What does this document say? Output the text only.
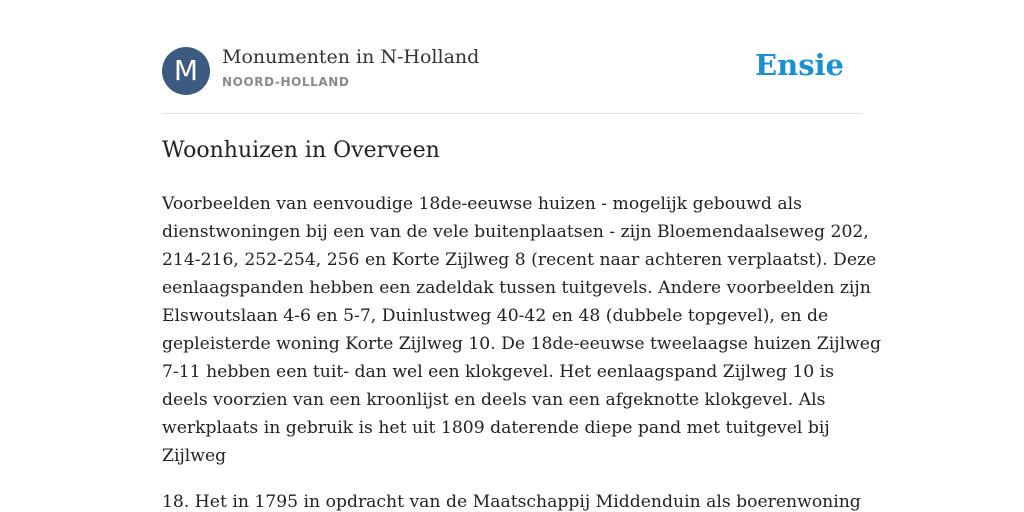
M	Monumenten in N-Holland
NOORD-HOLLAND	Ensie
Woonhuizen in Overveen

Voorbeelden van eenvoudige 18de-eeuwse huizen - mogelijk gebouwd als
dienstwoningen bij een van de vele buitenplaatsen - zijn Bloemendaalseweg 202,
214-216, 252-254, 256 en Korte Zijlweg 8 (recent naar achteren verplaatst). Deze
eenlaagspanden hebben een zadeldak tussen tuitgevels. Andere voorbeelden zijn
Elswoutslaan 4-6 en 5-7, Duinlustweg 40-42 en 48 (dubbele topgevel), en de
gepleisterde woning Korte Zijlweg 10. De 18de-eeuwse tweelaagse huizen Zijlweg
7-11 hebben een tuit- dan wel een klokgevel. Het eenlaagspand Zijlweg 10 is
deels voorzien van een kroonlijst en deels van een afgeknotte klokgevel. Als
werkplaats in gebruik is het uit 1809 daterende diepe pand met tuitgevel bij
Zijlweg

18. Het in 1795 in opdracht van de Maatschappij Middenduin als boerenwoning
